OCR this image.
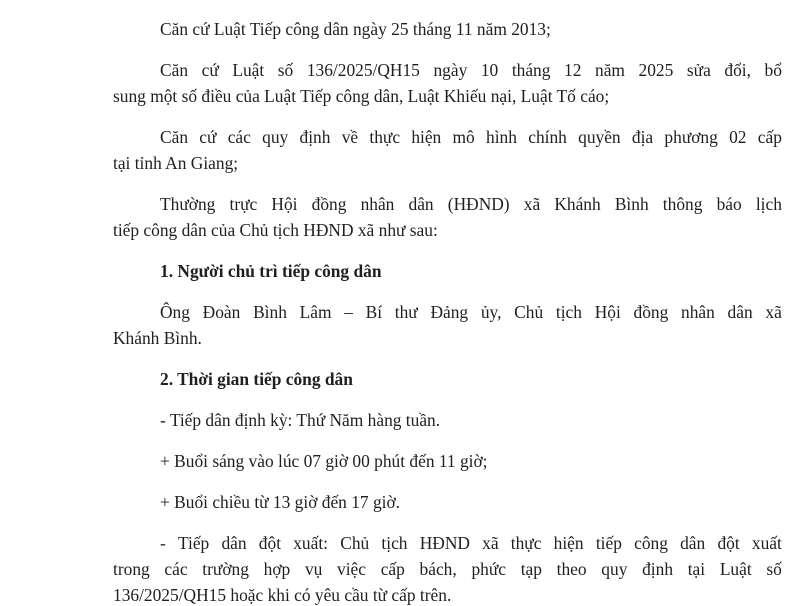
Căn cứ Luật Tiếp công dân ngày 25 tháng 11 năm 2013;
Căn cứ Luật số 136/2025/QH15 ngày 10 tháng 12 năm 2025 sửa đổi, bổ
sung một số điều của Luật Tiếp công dân, Luật Khiếu nại, Luật Tố cáo;
Căn cứ các quy định về thực hiện mô hình chính quyền địa phương 02 cấp
tại tỉnh An Giang;
Thường trực Hội đồng nhân dân (HĐND) xã Khánh Bình thông báo lịch
tiếp công dân của Chủ tịch HĐND xã như sau:
1. Người chủ trì tiếp công dân
Ông Đoàn Bình Lâm – Bí thư Đảng ủy, Chủ tịch Hội đồng nhân dân xã
Khánh Bình.
2. Thời gian tiếp công dân
- Tiếp dân định kỳ: Thứ Năm hàng tuần.
+ Buổi sáng vào lúc 07 giờ 00 phút đến 11 giờ;
+ Buổi chiều từ 13 giờ đến 17 giờ.
- Tiếp dân đột xuất: Chủ tịch HĐND xã thực hiện tiếp công dân đột xuất
trong các trường hợp vụ việc cấp bách, phức tạp theo quy định tại Luật số
136/2025/QH15 hoặc khi có yêu cầu từ cấp trên.
